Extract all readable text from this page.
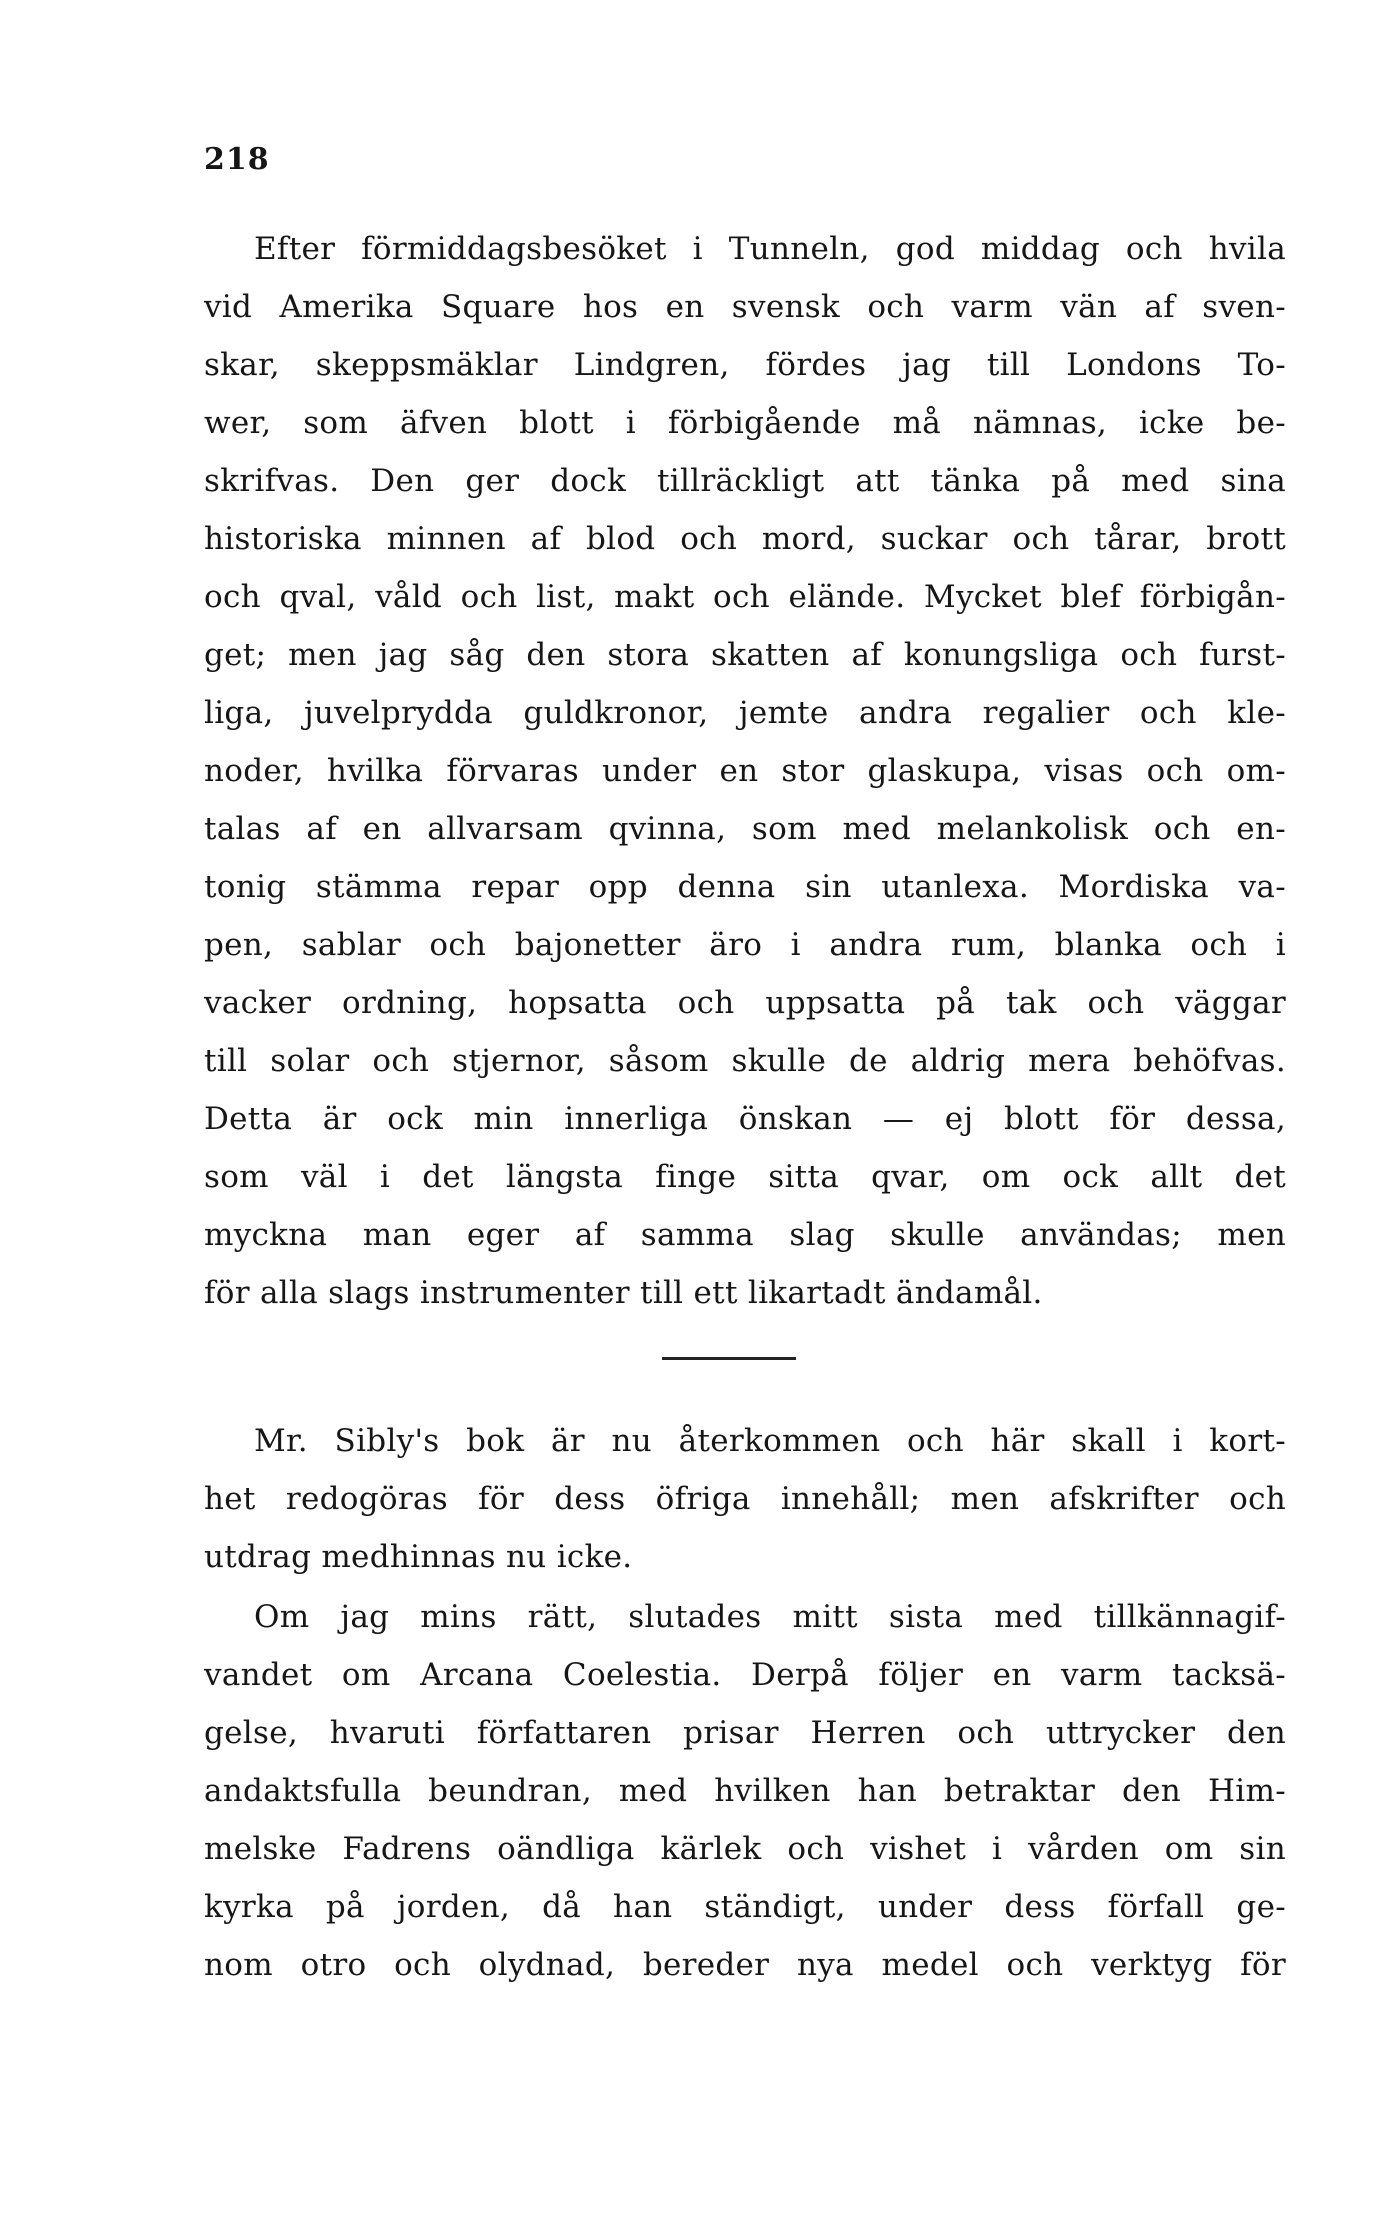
218
Efter förmiddagsbesöket i Tunneln, god middag och hvila
vid Amerika Square hos en svensk och varm vän af sven-
skar, skeppsmäklar Lindgren, fördes jag till Londons To-
wer, som äfven blott i förbigående må nämnas, icke be-
skrifvas. Den ger dock tillräckligt att tänka på med sina
historiska minnen af blod och mord, suckar och tårar, brott
och qval, våld och list, makt och elände. Mycket blef förbigån-
get; men jag såg den stora skatten af konungsliga och furst-
liga, juvelprydda guldkronor, jemte andra regalier och kle-
noder, hvilka förvaras under en stor glaskupa, visas och om-
talas af en allvarsam qvinna, som med melankolisk och en-
tonig stämma repar opp denna sin utanlexa. Mordiska va-
pen, sablar och bajonetter äro i andra rum, blanka och i
vacker ordning, hopsatta och uppsatta på tak och väggar
till solar och stjernor, såsom skulle de aldrig mera behöfvas.
Detta är ock min innerliga önskan — ej blott för dessa,
som väl i det längsta finge sitta qvar, om ock allt det
myckna man eger af samma slag skulle användas; men
för alla slags instrumenter till ett likartadt ändamål.
Mr. Sibly's bok är nu återkommen och här skall i kort-
het redogöras för dess öfriga innehåll; men afskrifter och
utdrag medhinnas nu icke.
Om jag mins rätt, slutades mitt sista med tillkännagif-
vandet om Arcana Coelestia. Derpå följer en varm tacksä-
gelse, hvaruti författaren prisar Herren och uttrycker den
andaktsfulla beundran, med hvilken han betraktar den Him-
melske Fadrens oändliga kärlek och vishet i vården om sin
kyrka på jorden, då han ständigt, under dess förfall ge-
nom otro och olydnad, bereder nya medel och verktyg för
